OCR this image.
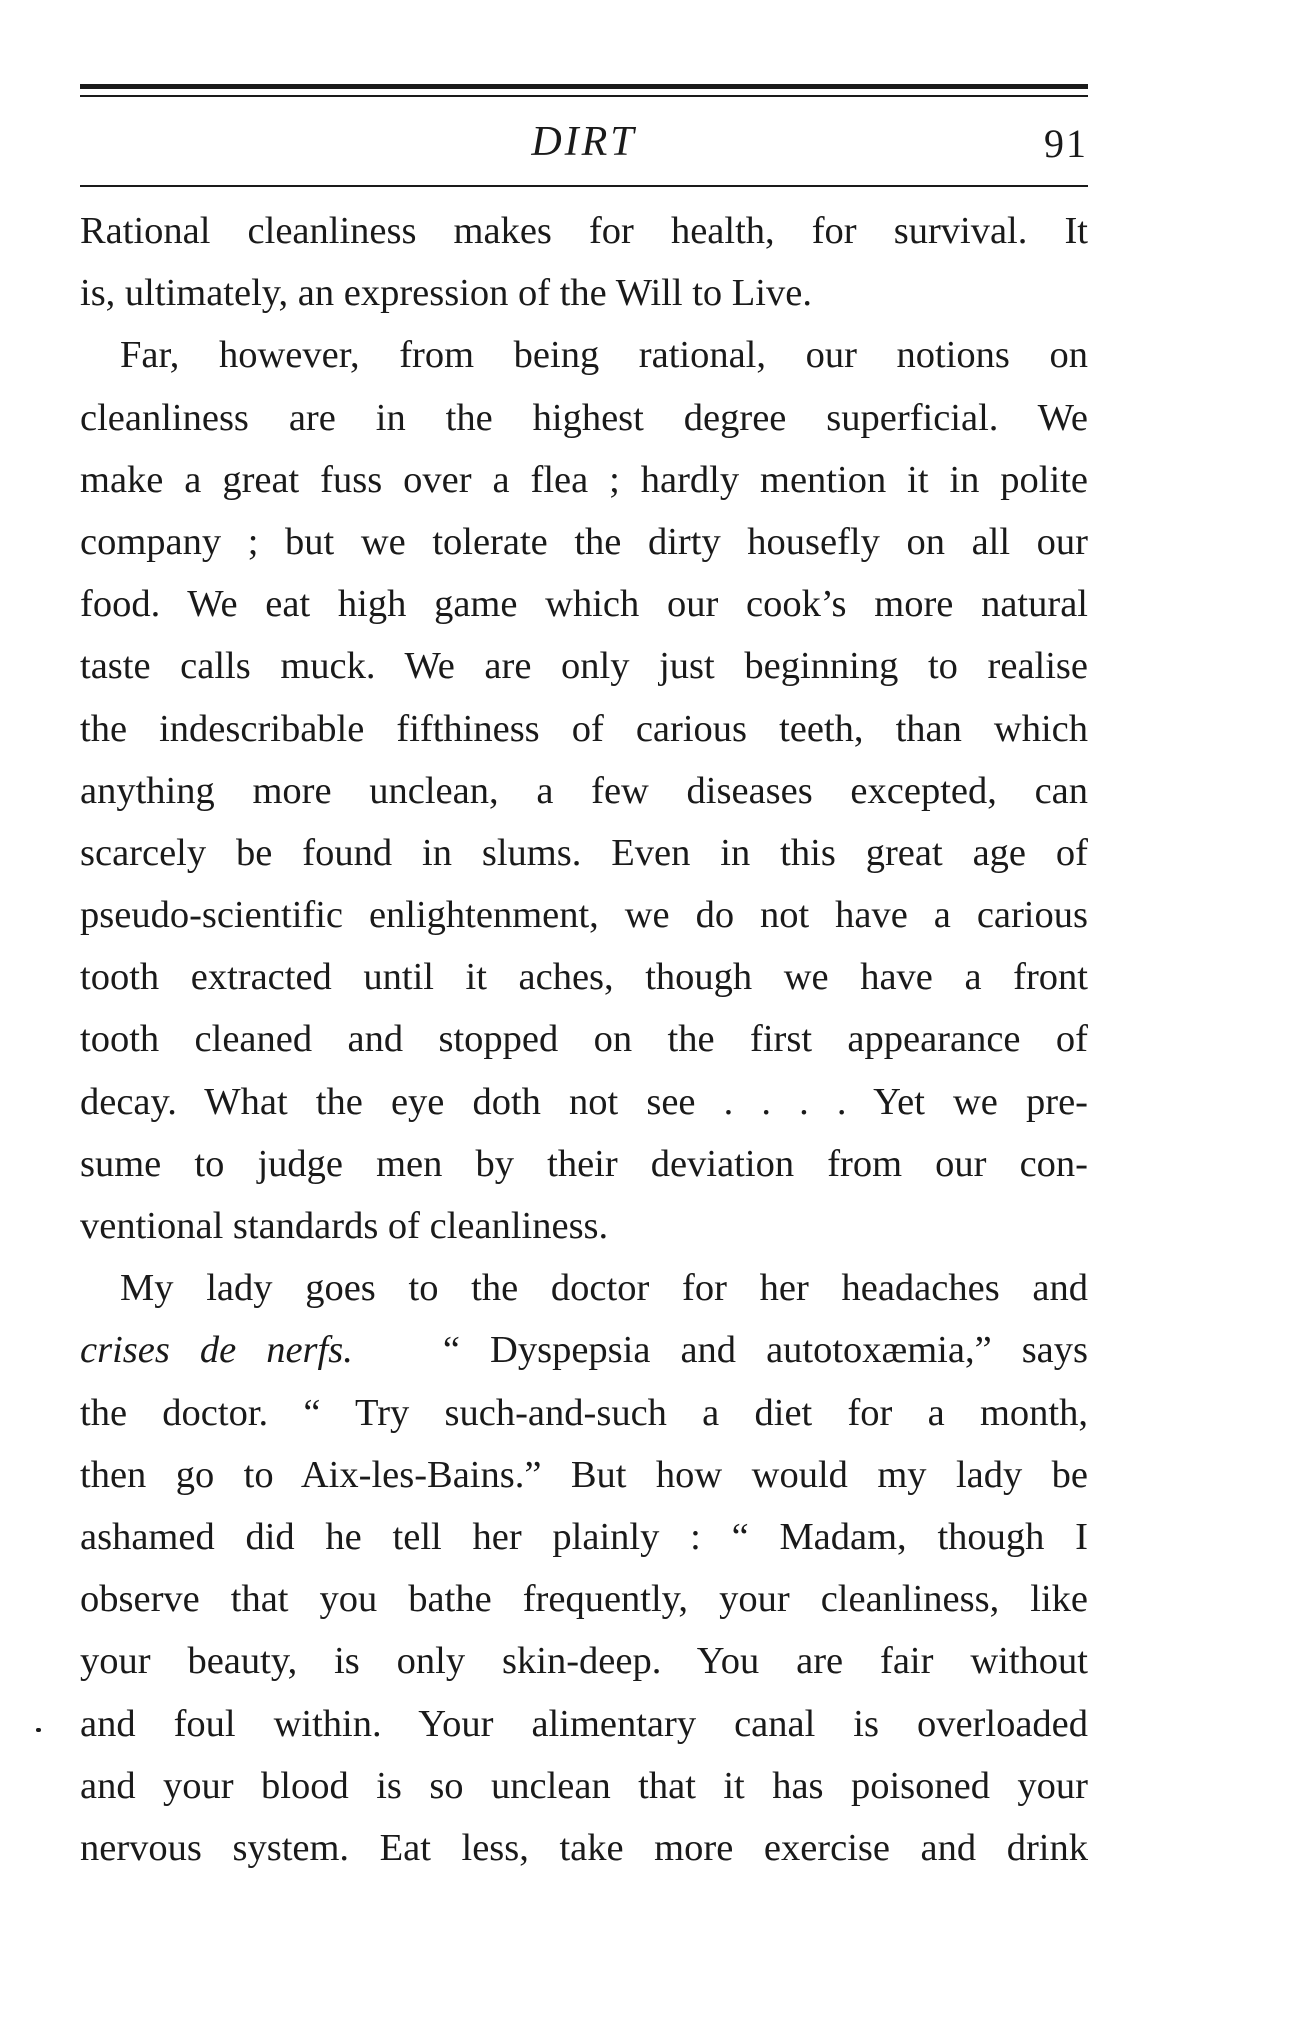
DIRT	91
Rational cleanliness makes for health, for survival. It
is, ultimately, an expression of the Will to Live.
Far, however, from being rational, our notions on
cleanliness are in the highest degree superficial. We
make a great fuss over a flea ; hardly mention it in polite
company ; but we tolerate the dirty housefly on all our
food. We eat high game which our cook’s more natural
taste calls muck. We are only just beginning to realise
the indescribable fifthiness of carious teeth, than which
anything more unclean, a few diseases excepted, can
scarcely be found in slums. Even in this great age of
pseudo-scientific enlightenment, we do not have a carious
tooth extracted until it aches, though we have a front
tooth cleaned and stopped on the first appearance of
decay. What the eye doth not see . . . . Yet we pre-
sume to judge men by their deviation from our con-
ventional standards of cleanliness.
My lady goes to the doctor for her headaches and
crises de nerfs. “ Dyspepsia and autotoxæmia,” says
the doctor. “ Try such-and-such a diet for a month,
then go to Aix-les-Bains.” But how would my lady be
ashamed did he tell her plainly : “ Madam, though I
observe that you bathe frequently, your cleanliness, like
your beauty, is only skin-deep. You are fair without
and foul within. Your alimentary canal is overloaded
and your blood is so unclean that it has poisoned your
nervous system. Eat less, take more exercise and drink
